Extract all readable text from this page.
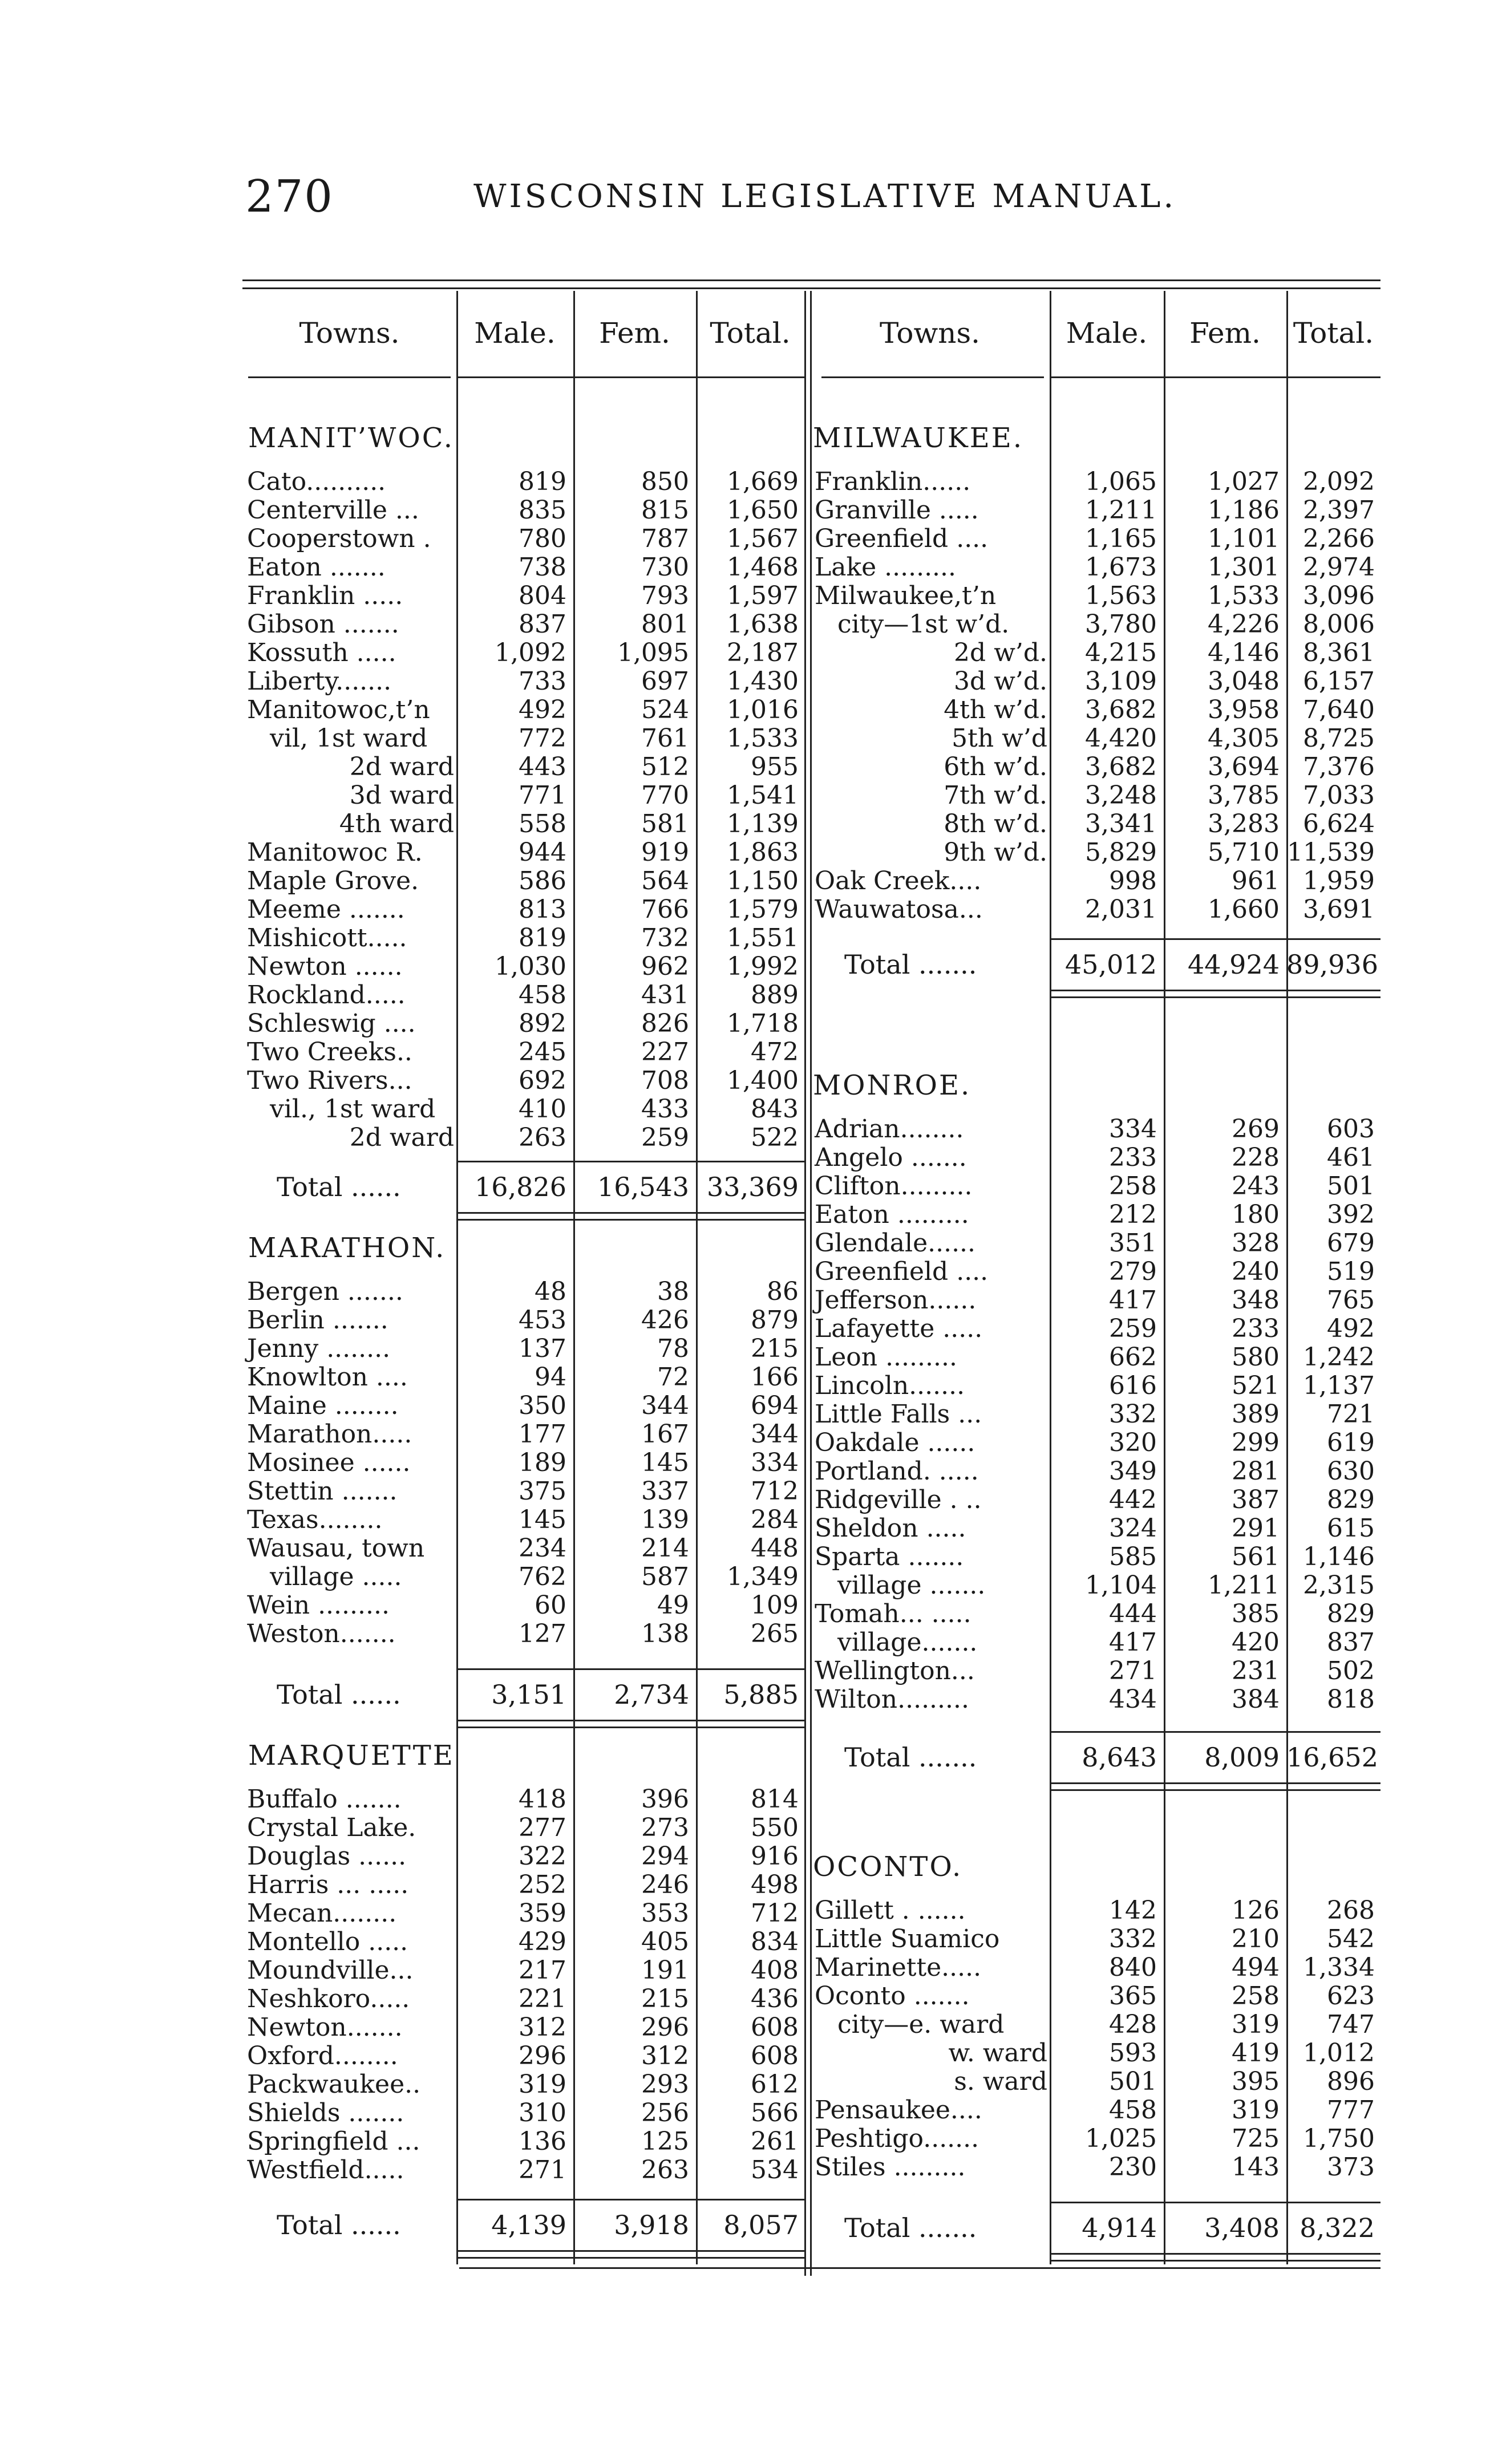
270	WISCONSIN LEGISLATIVE MANUAL.
Towns.	Male.	Fem.	Total.	Towns.	Male.	Fem.	Total.
MANIT’WOC.
Cato..........	819	850	1,669
Centerville ...	835	815	1,650
Cooperstown .	780	787	1,567
Eaton .......	738	730	1,468
Franklin .....	804	793	1,597
Gibson .......	837	801	1,638
Kossuth .....	1,092	1,095	2,187
Liberty.......	733	697	1,430
Manitowoc,t’n	492	524	1,016
vil, 1st ward	772	761	1,533
2d ward	443	512	955
3d ward	771	770	1,541
4th ward	558	581	1,139
Manitowoc R.	944	919	1,863
Maple Grove.	586	564	1,150
Meeme .......	813	766	1,579
Mishicott.....	819	732	1,551
Newton ......	1,030	962	1,992
Rockland.....	458	431	889
Schleswig ....	892	826	1,718
Two Creeks..	245	227	472
Two Rivers...	692	708	1,400
vil., 1st ward	410	433	843
2d ward	263	259	522
Total ......	16,826	16,543 33,369
MARATHON.
Bergen .......	48	38	86
Berlin .......	453	426	879
Jenny ........	137	78	215
Knowlton ....	94	72	166
Maine ........	350	344	694
Marathon.....	177	167	344
Mosinee ......	189	145	334
Stettin .......	375	337	712
Texas........	145	139	284
Wausau, town	234	214	448
village .....	762	587	1,349
Wein .........	60	49	109
Weston.......	127	138	265
Total ......	3,151	2,734	5,885
MARQUETTE
Buffalo .......	418	396	814
Crystal Lake.	277	273	550
Douglas ......	322	294	916
Harris ... .....	252	246	498
Mecan........	359	353	712
Montello .....	429	405	834
Moundville...	217	191	408
Neshkoro.....	221	215	436
Newton.......	312	296	608
Oxford........	296	312	608
Packwaukee..	319	293	612
Shields .......	310	256	566
Springfield ...	136	125	261
Westfield.....	271	263	534
Total ......	4,139	3,918	8,057
MILWAUKEE.
Franklin......	1,065	1,027 2,092
Granville .....	1,211	1,186 2,397
Greenfield ....	1,165	1,101 2,266
Lake .........	1,673	1,301 2,974
Milwaukee,t’n	1,563	1,533 3,096
city—1st w’d.	3,780	4,226 8,006
2d w’d.	4,215	4,146 8,361
3d w’d.	3,109	3,048 6,157
4th w’d.	3,682	3,958 7,640
5th w’d	4,420	4,305 8,725
6th w’d.	3,682	3,694 7,376
7th w’d.	3,248	3,785 7,033
8th w’d.	3,341	3,283 6,624
9th w’d.	5,829	5,710 11,539
Oak Creek....	998	961 1,959
Wauwatosa...	2,031	1,660 3,691
Total .......	45,012	44,924 89,936
MONROE.
Adrian........	334	269	603
Angelo .......	233	228	461
Clifton.........	258	243	501
Eaton .........	212	180	392
Glendale......	351	328	679
Greenfield ....	279	240	519
Jefferson......	417	348	765
Lafayette .....	259	233	492
Leon .........	662	580 1,242
Lincoln.......	616	521 1,137
Little Falls ...	332	389	721
Oakdale ......	320	299	619
Portland. .....	349	281	630
Ridgeville . ..	442	387	829
Sheldon .....	324	291	615
Sparta .......	585	561 1,146
village .......	1,104	1,211 2,315
Tomah... .....	444	385	829
village.......	417	420	837
Wellington...	271	231	502
Wilton.........	434	384	818
Total .......	8,643	8,009 16,652
OCONTO.
Gillett . ......	142	126	268
Little Suamico	332	210	542
Marinette.....	840	494 1,334
Oconto .......	365	258	623
city—e. ward	428	319	747
w. ward	593	419 1,012
s. ward	501	395	896
Pensaukee....	458	319	777
Peshtigo.......	1,025	725 1,750
Stiles .........	230	143	373
Total .......	4,914	3,408 8,322
